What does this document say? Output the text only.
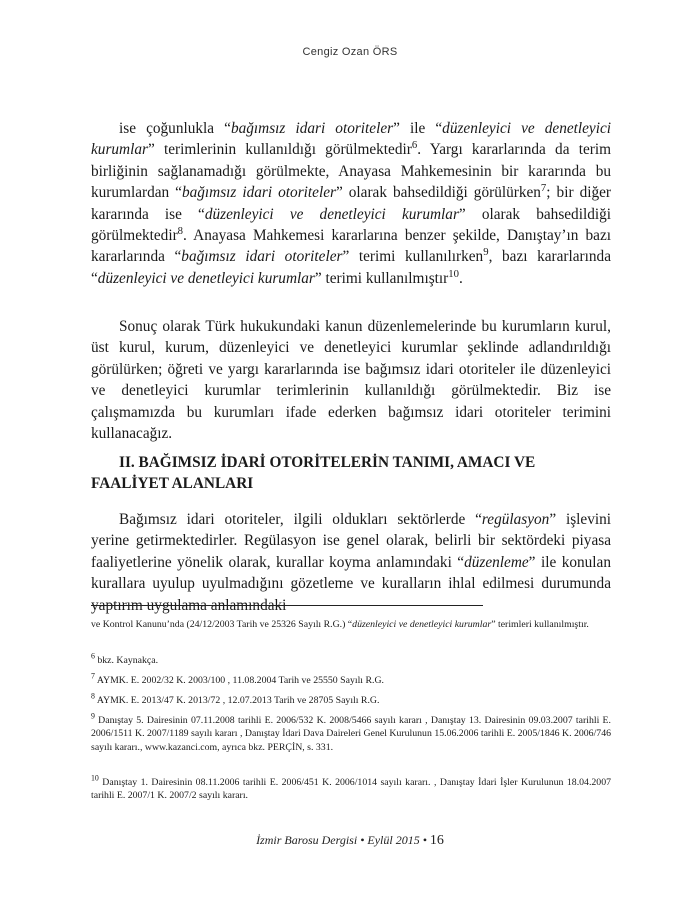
Cengiz Ozan ÖRS

ise çoğunlukla “bağımsız idari otoriteler” ile “düzenleyici ve denetleyici kurumlar” terimlerinin kullanıldığı görülmektedir$^6$. Yargı kararlarında da terim birliğinin sağlanamadığı görülmekte, Anayasa Mahkemesinin bir kararında bu kurumlardan “bağımsız idari otoriteler” olarak bahsedildiği görülürken$^7$; bir diğer kararında ise “düzenleyici ve denetleyici kurumlar” olarak bahsedildiği görülmektedir$^8$. Anayasa Mahkemesi kararlarına benzer şekilde, Danıştay’ın bazı kararlarında “bağımsız idari otoriteler” terimi kullanılırken$^9$, bazı kararlarında “düzenleyici ve denetleyici kurumlar” terimi kullanılmıştır$^{10}$.

Sonuç olarak Türk hukukundaki kanun düzenlemelerinde bu kurumların kurul, üst kurul, kurum, düzenleyici ve denetleyici kurumlar şeklinde adlandırıldığı görülürken; öğreti ve yargı kararlarında ise bağımsız idari otoriteler ile düzenleyici ve denetleyici kurumlar terimlerinin kullanıldığı görülmektedir. Biz ise çalışmamızda bu kurumları ifade ederken bağımsız idari otoriteler terimini kullanacağız.

II. BAĞIMSIZ İDARİ OTORİTELERİN TANIMI, AMACI VE FAALİYET ALANLARI

Bağımsız idari otoriteler, ilgili oldukları sektörlerde “regülasyon” işlevini yerine getirmektedirler. Regülasyon ise genel olarak, belirli bir sektördeki piyasa faaliyetlerine yönelik olarak, kurallar koyma anlamındaki “düzenleme” ile konulan kurallara uyulup uyulmadığını gözetleme ve kuralların ihlal edilmesi durumunda yaptırım uygulama anlamındaki

ve Kontrol Kanunu’nda (24/12/2003 Tarih ve 25326 Sayılı R.G.) “düzenleyici ve denetleyici kurumlar” terimleri kullanılmıştır.

$^6$ bkz. Kaynakça.

$^7$ AYMK. E. 2002/32 K. 2003/100 , 11.08.2004 Tarih ve 25550 Sayılı R.G.

$^8$ AYMK. E. 2013/47 K. 2013/72 , 12.07.2013 Tarih ve 28705 Sayılı R.G.

$^9$ Danıştay 5. Dairesinin 07.11.2008 tarihli E. 2006/532 K. 2008/5466 sayılı kararı , Danıştay 13. Dairesinin 09.03.2007 tarihli E. 2006/1511 K. 2007/1189 sayılı kararı , Danıştay İdari Dava Daireleri Genel Kurulunun 15.06.2006 tarihli E. 2005/1846 K. 2006/746 sayılı kararı., www.kazanci.com, ayrıca bkz. PERÇİN, s. 331.

$^{10}$ Danıştay 1. Dairesinin 08.11.2006 tarihli E. 2006/451 K. 2006/1014 sayılı kararı. , Danıştay İdari İşler Kurulunun 18.04.2007 tarihli E. 2007/1 K. 2007/2 sayılı kararı.

İzmir Barosu Dergisi • Eylül 2015 • 16
